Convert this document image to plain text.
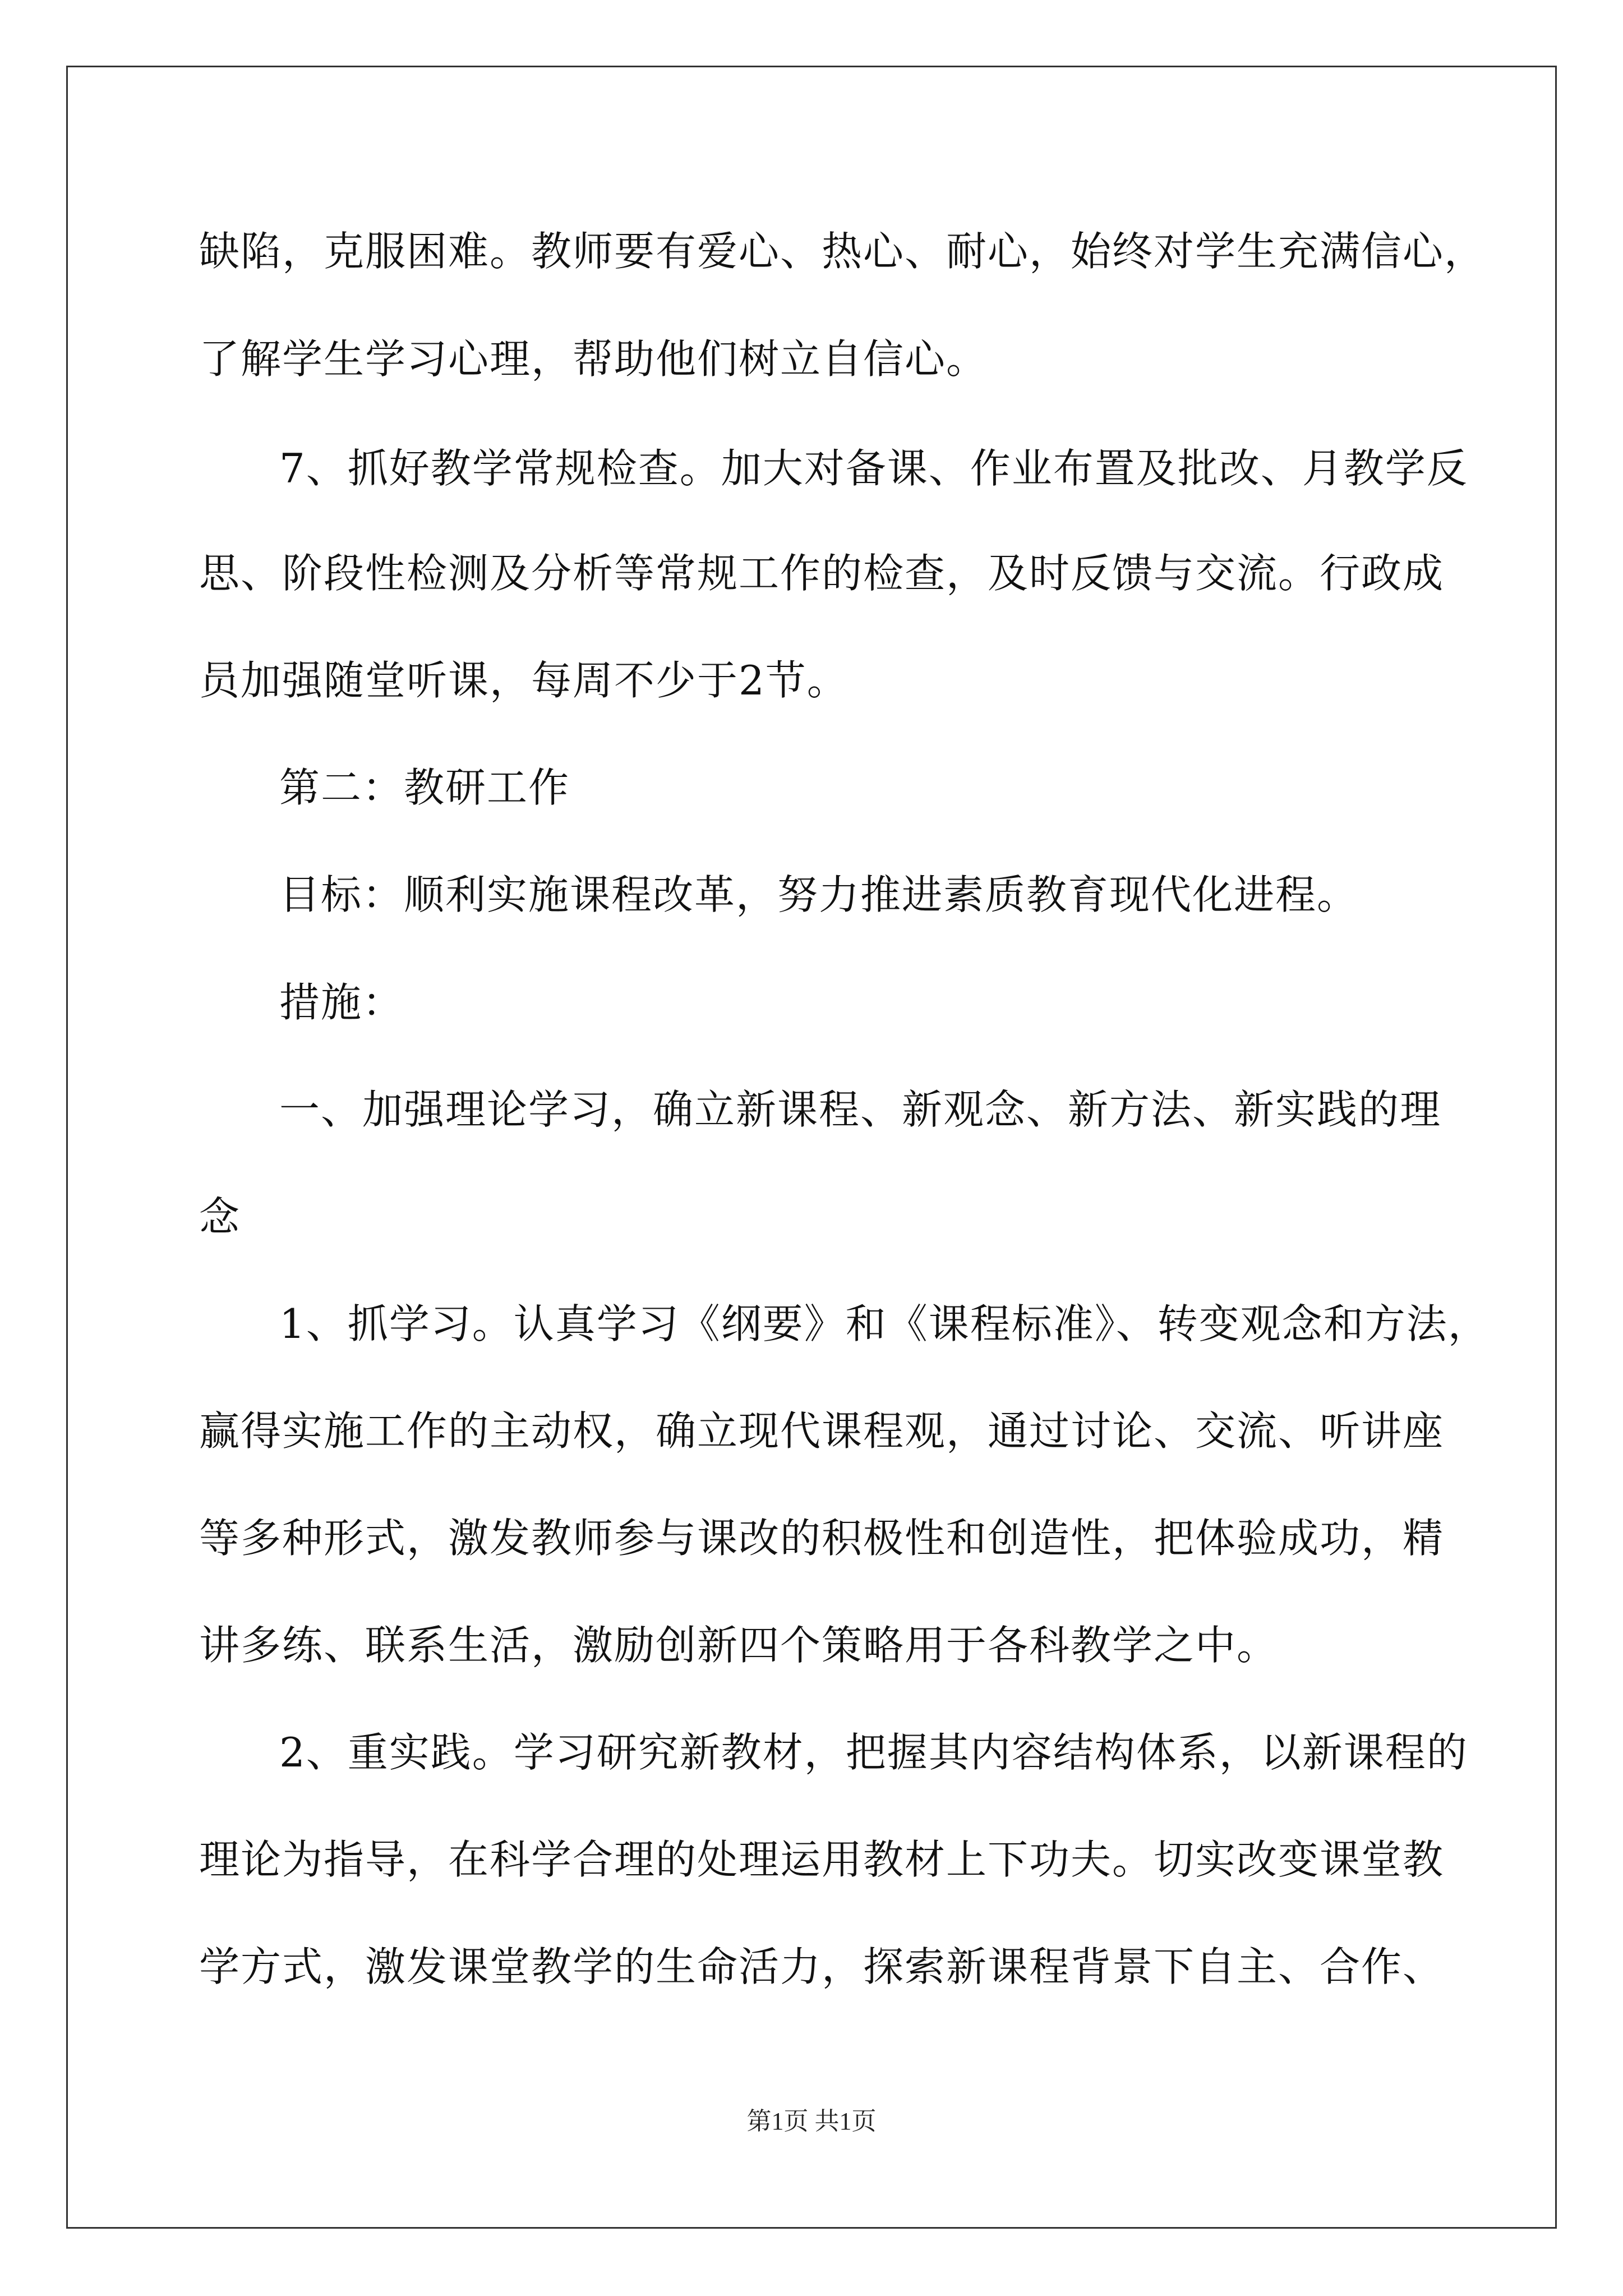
缺陷，克服困难。教师要有爱心、热心、耐心，始终对学生充满信心，
了解学生学习心理，帮助他们树立自信心。
7、抓好教学常规检查。加大对备课、作业布置及批改、月教学反
思、阶段性检测及分析等常规工作的检查，及时反馈与交流。行政成
员加强随堂听课，每周不少于2节。
第二：教研工作
目标：顺利实施课程改革，努力推进素质教育现代化进程。
措施：
一、加强理论学习，确立新课程、新观念、新方法、新实践的理
念
1、抓学习。认真学习《纲要》和《课程标准》、转变观念和方法，
赢得实施工作的主动权，确立现代课程观，通过讨论、交流、听讲座
等多种形式，激发教师参与课改的积极性和创造性，把体验成功，精
讲多练、联系生活，激励创新四个策略用于各科教学之中。
2、重实践。学习研究新教材，把握其内容结构体系，以新课程的
理论为指导，在科学合理的处理运用教材上下功夫。切实改变课堂教
学方式，激发课堂教学的生命活力，探索新课程背景下自主、合作、
第1页 共1页
